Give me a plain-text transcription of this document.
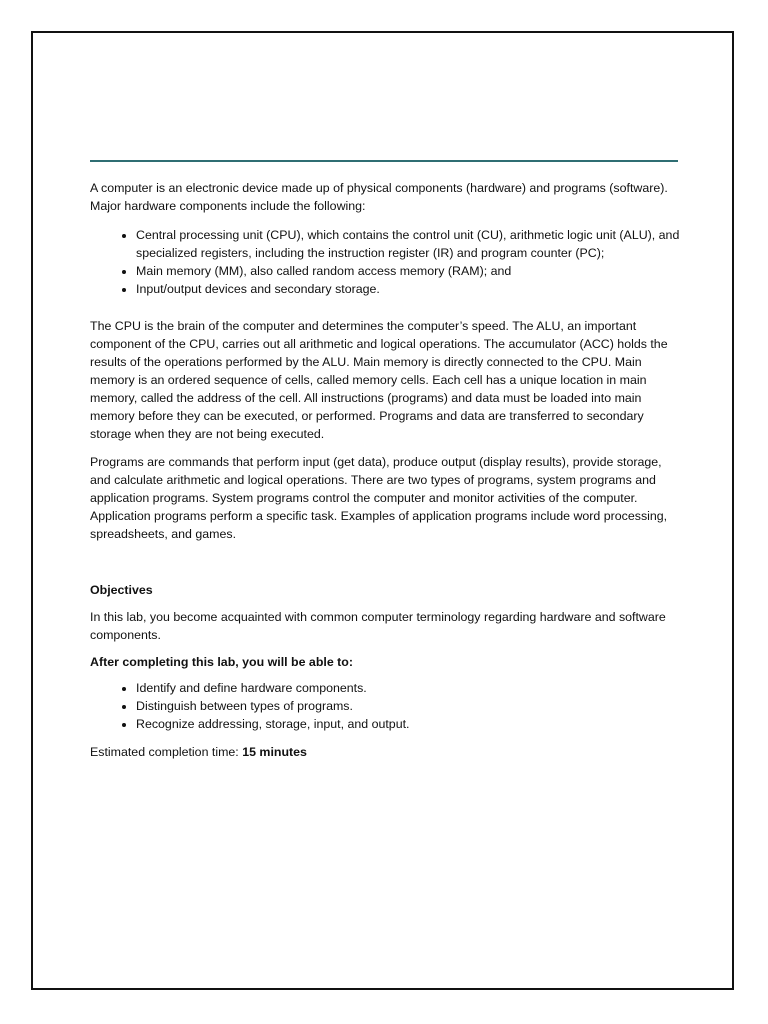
A computer is an electronic device made up of physical components (hardware) and programs (software). Major hardware components include the following:

• Central processing unit (CPU), which contains the control unit (CU), arithmetic logic unit (ALU), and specialized registers, including the instruction register (IR) and program counter (PC);
• Main memory (MM), also called random access memory (RAM); and
• Input/output devices and secondary storage.

The CPU is the brain of the computer and determines the computer’s speed. The ALU, an important component of the CPU, carries out all arithmetic and logical operations. The accumulator (ACC) holds the results of the operations performed by the ALU. Main memory is directly connected to the CPU. Main memory is an ordered sequence of cells, called memory cells. Each cell has a unique location in main memory, called the address of the cell. All instructions (programs) and data must be loaded into main memory before they can be executed, or performed. Programs and data are transferred to secondary storage when they are not being executed.

Programs are commands that perform input (get data), produce output (display results), provide storage, and calculate arithmetic and logical operations. There are two types of programs, system programs and application programs. System programs control the computer and monitor activities of the computer. Application programs perform a specific task. Examples of application programs include word processing, spreadsheets, and games.

Objectives

In this lab, you become acquainted with common computer terminology regarding hardware and software components.

After completing this lab, you will be able to:

• Identify and define hardware components.
• Distinguish between types of programs.
• Recognize addressing, storage, input, and output.

Estimated completion time: 15 minutes
